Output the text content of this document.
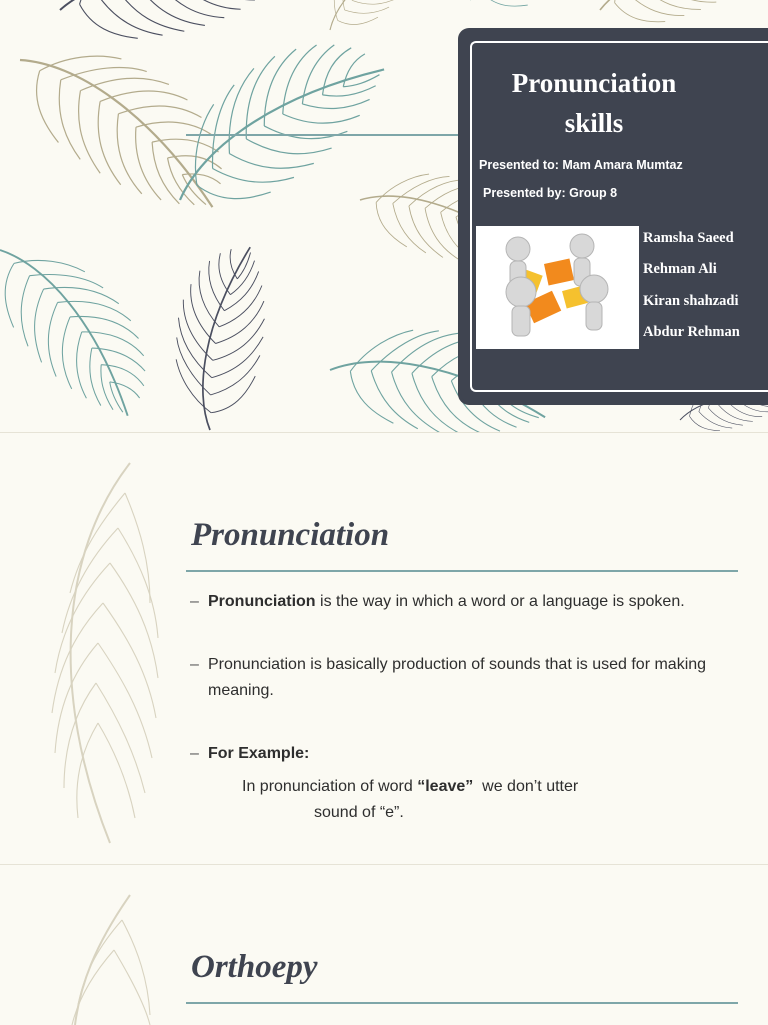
Pronunciation
skills
Presented to: Mam Amara Mumtaz
Presented by: Group 8
Ramsha Saeed
Rehman Ali
Kiran shahzadi
Abdur Rehman
Pronunciation
– Pronunciation is the way in which a word or a language is spoken.
– Pronunciation is basically production of sounds that is used for making meaning.
– For Example:
In pronunciation of word “leave”  we don’t utter
sound of “e”.
Orthoepy
